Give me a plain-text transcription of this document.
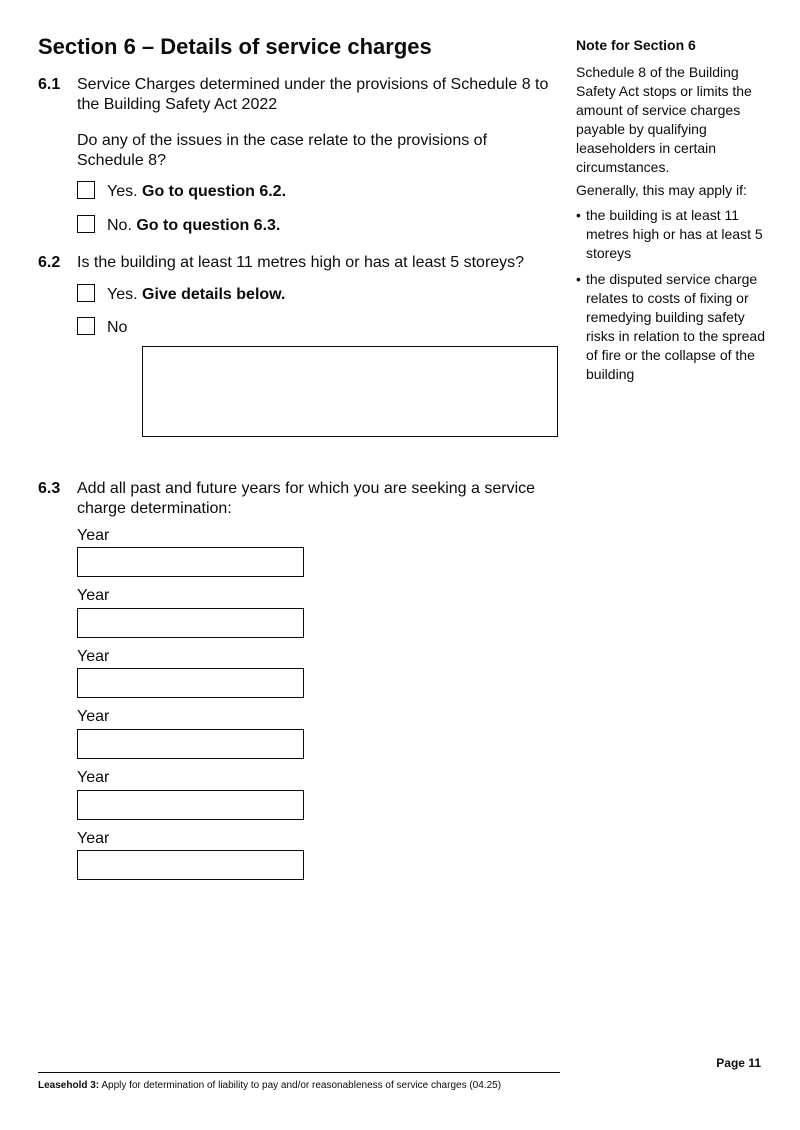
Section 6 – Details of service charges
6.1 Service Charges determined under the provisions of Schedule 8 to the Building Safety Act 2022
Do any of the issues in the case relate to the provisions of Schedule 8?
Yes. Go to question 6.2.
No. Go to question 6.3.
6.2 Is the building at least 11 metres high or has at least 5 storeys?
Yes. Give details below.
No
6.3 Add all past and future years for which you are seeking a service charge determination:
Year
Year
Year
Year
Year
Year
Note for Section 6

Schedule 8 of the Building Safety Act stops or limits the amount of service charges payable by qualifying leaseholders in certain circumstances.

Generally, this may apply if:

• the building is at least 11 metres high or has at least 5 storeys
• the disputed service charge relates to costs of fixing or remedying building safety risks in relation to the spread of fire or the collapse of the building
Page 11
Leasehold 3: Apply for determination of liability to pay and/or reasonableness of service charges (04.25)
